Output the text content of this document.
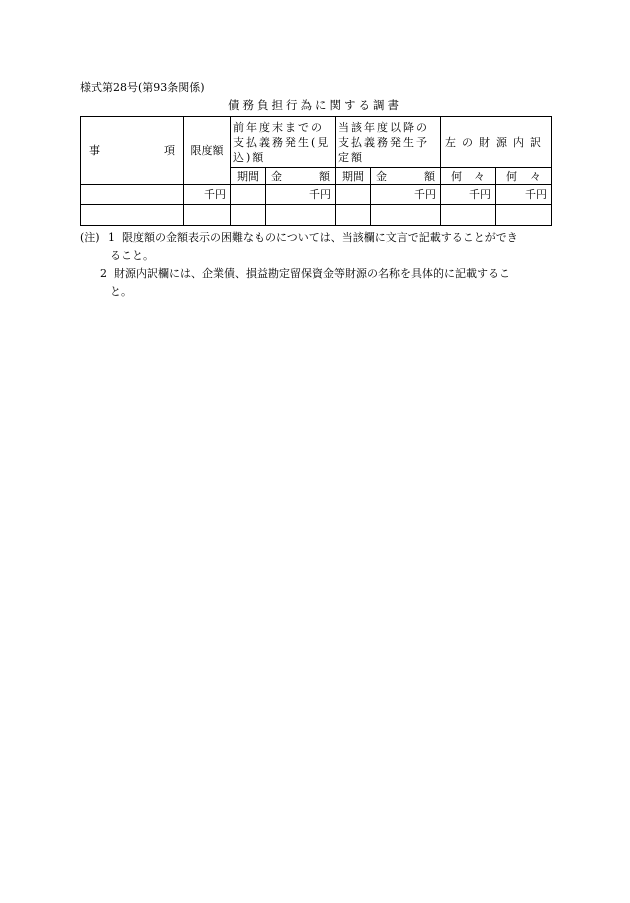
様式第28号(第93条関係)
債務負担行為に関する調書
事 項	限度額	前年度末までの支払義務発生(見込)額		当該年度以降の支払義務発生予定額		左の財源内訳	
		期間	金 額	期間	金 額	何 々	何 々

	千円		千円		千円	千円	千円

(注) 1 限度額の金額表示の困難なものについては、当該欄に文言で記載することができ
ること。
2 財源内訳欄には、企業債、損益勘定留保資金等財源の名称を具体的に記載するこ
と。
